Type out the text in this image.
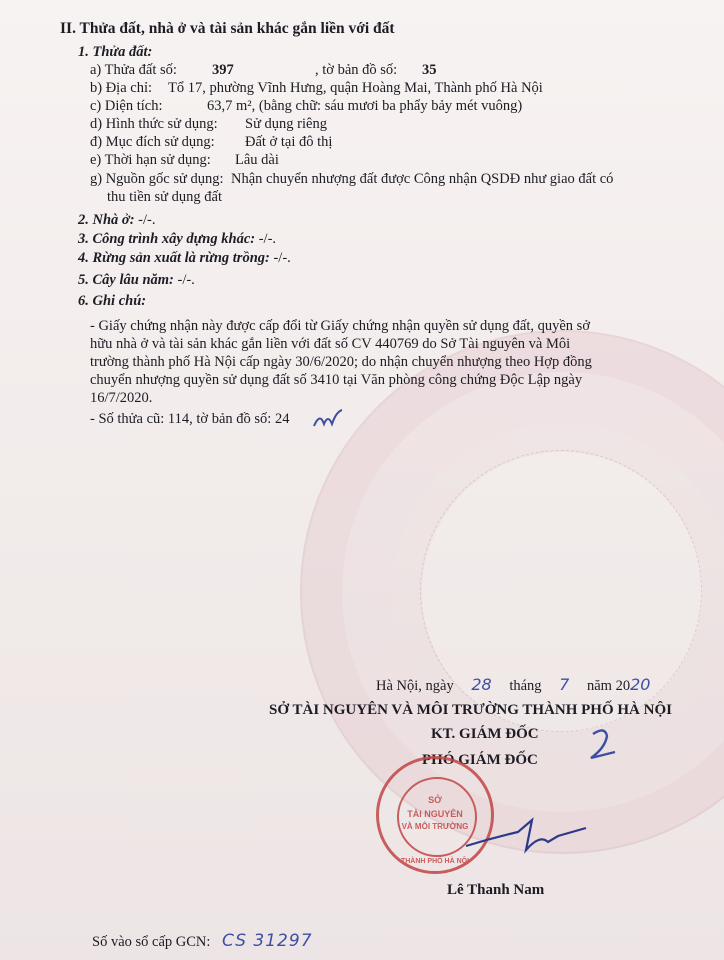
II. Thửa đất, nhà ở và tài sản khác gắn liền với đất
1. Thửa đất:
a) Thửa đất số: 397	, tờ bản đồ số: 35
b) Địa chỉ: Tổ 17, phường Vĩnh Hưng, quận Hoàng Mai, Thành phố Hà Nội
c) Diện tích:	63,7 m², (bằng chữ: sáu mươi ba phẩy bảy mét vuông)
d) Hình thức sử dụng: Sử dụng riêng
đ) Mục đích sử dụng: Đất ở tại đô thị
e) Thời hạn sử dụng: Lâu dài
g) Nguồn gốc sử dụng: Nhận chuyển nhượng đất được Công nhận QSDĐ như giao đất có
thu tiền sử dụng đất
2. Nhà ở: -/-.
3. Công trình xây dựng khác: -/-.
4. Rừng sản xuất là rừng trồng: -/-.
5. Cây lâu năm: -/-.
6. Ghi chú:
- Giấy chứng nhận này được cấp đổi từ Giấy chứng nhận quyền sử dụng đất, quyền sở
hữu nhà ở và tài sản khác gắn liền với đất số CV 440769 do Sở Tài nguyên và Môi
trường thành phố Hà Nội cấp ngày 30/6/2020; do nhận chuyển nhượng theo Hợp đồng
chuyển nhượng quyền sử dụng đất số 3410 tại Văn phòng công chứng Độc Lập ngày
16/7/2020.
- Số thửa cũ: 114, tờ bản đồ số: 24
Hà Nội, ngày 28 tháng 7 năm 2020
SỞ TÀI NGUYÊN VÀ MÔI TRƯỜNG THÀNH PHỐ HÀ NỘI
KT. GIÁM ĐỐC
PHÓ GIÁM ĐỐC
SỞ
TÀI NGUYÊN
VÀ MÔI TRƯỜNG
THÀNH PHỐ HÀ NỘI
Lê Thanh Nam
Số vào sổ cấp GCN: CS 31297
